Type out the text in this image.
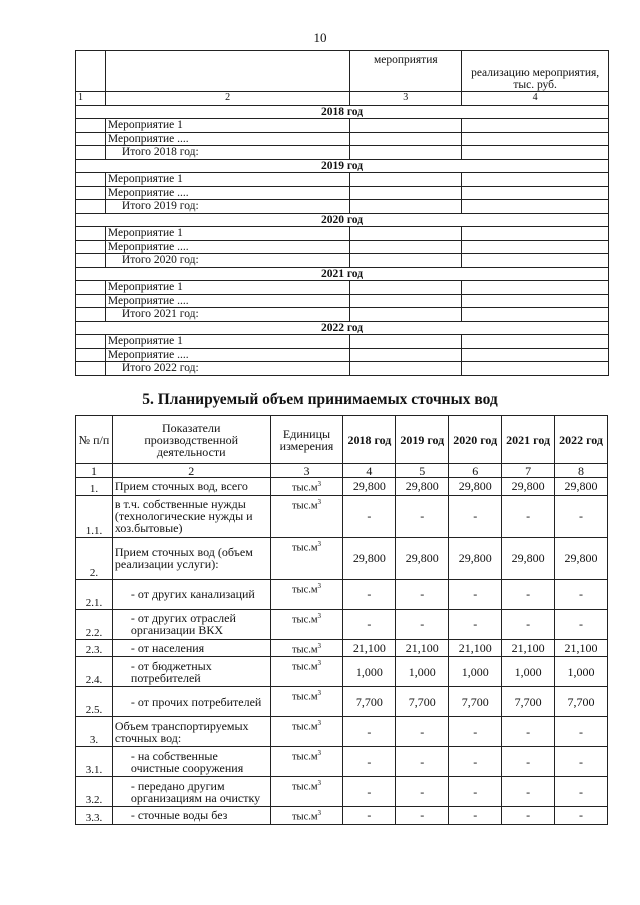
10
		мероприятия	реализацию мероприятия, тыс. руб.
1	2	3	4
2018 год			
	Мероприятие 1		
	Мероприятие ....		
	Итого 2018 год:		
2019 год			
	Мероприятие 1		
	Мероприятие ....		
	Итого 2019 год:		
2020 год			
	Мероприятие 1		
	Мероприятие ....		
	Итого 2020 год:		
2021 год			
	Мероприятие 1		
	Мероприятие ....		
	Итого 2021 год:		
2022 год			
	Мероприятие 1		
	Мероприятие ....		
	Итого 2022 год:		
5. Планируемый объем принимаемых сточных вод
№ п/п	Показатели производственной деятельности	Единицы измерения	2018 год	2019 год	2020 год	2021 год	2022 год
1	2	3	4	5	6	7	8
1.	Прием сточных вод, всего	$тыс.м^3$	29,800	29,800	29,800	29,800	29,800
1.1.	в т.ч. собственные нужды (технологические нужды и хоз.бытовые)	$тыс.м^3$	-	-	-	-	-
2.	Прием сточных вод (объем реализации услуги):	$тыс.м^3$	29,800	29,800	29,800	29,800	29,800
2.1.	- от других канализаций	$тыс.м^3$	-	-	-	-	-
2.2.	- от других отраслей организации ВКХ	$тыс.м^3$	-	-	-	-	-
2.3.	- от населения	$тыс.м^3$	21,100	21,100	21,100	21,100	21,100
2.4.	- от бюджетных потребителей	$тыс.м^3$	1,000	1,000	1,000	1,000	1,000
2.5.	- от прочих потребителей	$тыс.м^3$	7,700	7,700	7,700	7,700	7,700
3.	Объем транспортируемых сточных вод:	$тыс.м^3$	-	-	-	-	-
3.1.	- на собственные очистные сооружения	$тыс.м^3$	-	-	-	-	-
3.2.	- передано другим организациям на очистку	$тыс.м^3$	-	-	-	-	-
3.3.	- сточные воды без	$тыс.м^3$	-	-	-	-	-
